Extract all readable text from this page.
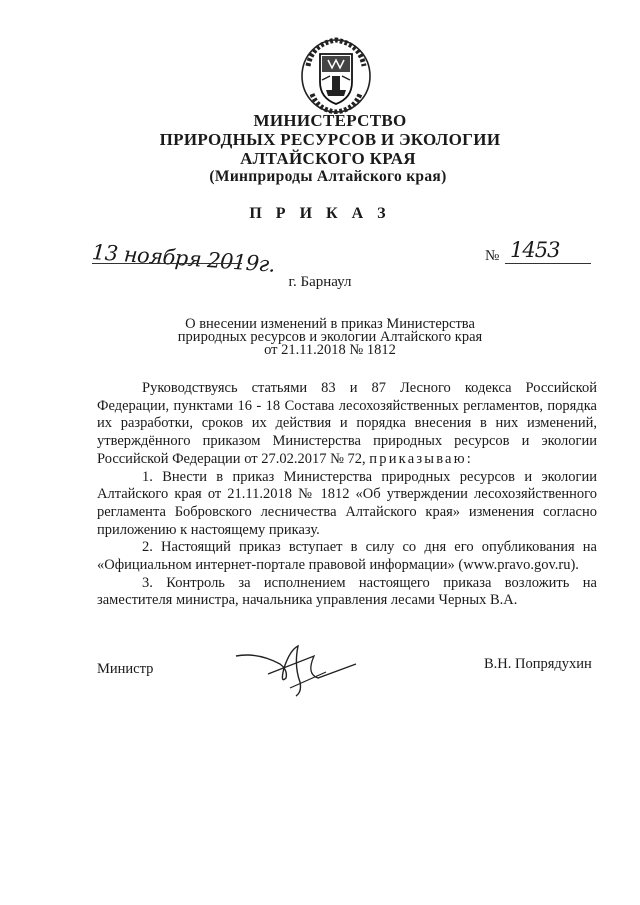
МИНИСТЕРСТВО
ПРИРОДНЫХ РЕСУРСОВ И ЭКОЛОГИИ
АЛТАЙСКОГО КРАЯ
(Минприроды Алтайского края)
П Р И К А З
13 ноября 2019г.	№ 1453
г. Барнаул
О внесении изменений в приказ Министерства
природных ресурсов и экологии Алтайского края
от 21.11.2018 № 1812

Руководствуясь статьями 83 и 87 Лесного кодекса Российской Федерации, пунктами 16 - 18 Состава лесохозяйственных регламентов, порядка их разработки, сроков их действия и порядка внесения в них изменений, утверждённого приказом Министерства природных ресурсов и экологии Российской Федерации от 27.02.2017 № 72, приказываю:

1. Внести в приказ Министерства природных ресурсов и экологии Алтайского края от 21.11.2018 № 1812 «Об утверждении лесохозяйственного регламента Бобровского лесничества Алтайского края» изменения согласно приложению к настоящему приказу.

2. Настоящий приказ вступает в силу со дня его опубликования на «Официальном интернет-портале правовой информации» (www.pravo.gov.ru).

3. Контроль за исполнением настоящего приказа возложить на заместителя министра, начальника управления лесами Черных В.А.

Министр	В.Н. Попрядухин
